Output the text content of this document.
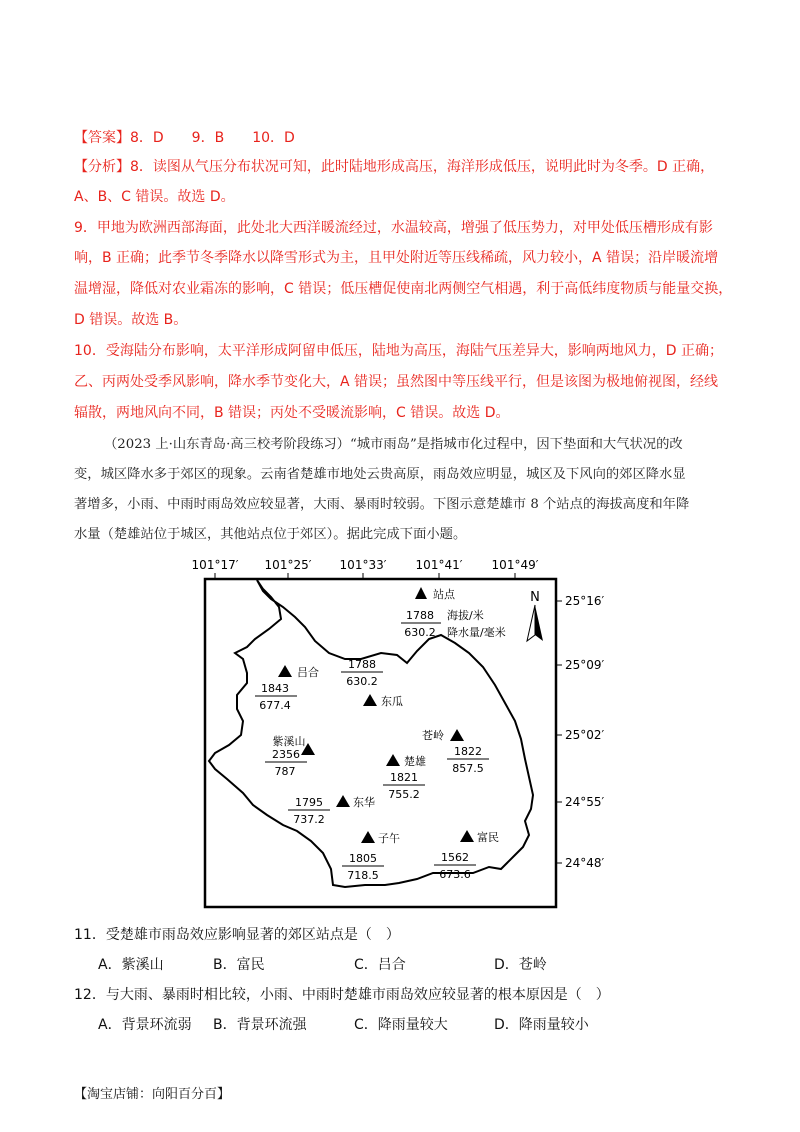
【答案】8．D　　9．B　　10．D
【分析】8．读图从气压分布状况可知，此时陆地形成高压，海洋形成低压，说明此时为冬季。D 正确，
A、B、C 错误。故选 D。
9．甲地为欧洲西部海面，此处北大西洋暖流经过，水温较高，增强了低压势力，对甲处低压槽形成有影
响，B 正确；此季节冬季降水以降雪形式为主，且甲处附近等压线稀疏，风力较小，A 错误；沿岸暖流增
温增湿，降低对农业霜冻的影响，C 错误；低压槽促使南北两侧空气相遇，利于高低纬度物质与能量交换，
D 错误。故选 B。
10．受海陆分布影响，太平洋形成阿留申低压，陆地为高压，海陆气压差异大，影响两地风力，D 正确；
乙、丙两处受季风影响，降水季节变化大，A 错误；虽然图中等压线平行，但是该图为极地俯视图，经线
辐散，两地风向不同，B 错误；丙处不受暖流影响，C 错误。故选 D。
（2023 上·山东青岛·高三校考阶段练习）“城市雨岛”是指城市化过程中，因下垫面和大气状况的改
变，城区降水多于郊区的现象。云南省楚雄市地处云贵高原，雨岛效应明显，城区及下风向的郊区降水显
著增多，小雨、中雨时雨岛效应较显著，大雨、暴雨时较弱。下图示意楚雄市 8 个站点的海拔高度和年降
水量（楚雄站位于城区，其他站点位于郊区）。据此完成下面小题。
101°17′ 101°25′ 101°33′ 101°41′ 101°49′
25°16′
25°09′
25°02′
24°55′
24°48′
站点
1788
630.2
海拔/米
降水量/毫米
N
吕合
1843
677.4
1788
630.2
东瓜
紫溪山
2356
787
苍岭
1822
857.5
楚雄
1821
755.2
1795
737.2
东华
子午
1805
718.5
富民
1562
673.6
11．受楚雄市雨岛效应影响显著的郊区站点是（　）
A．紫溪山	B．富民	C．吕合	D．苍岭
12．与大雨、暴雨时相比较，小雨、中雨时楚雄市雨岛效应较显著的根本原因是（　）
A．背景环流弱 B．背景环流强	C．降雨量较大	D．降雨量较小
【淘宝店铺：向阳百分百】
